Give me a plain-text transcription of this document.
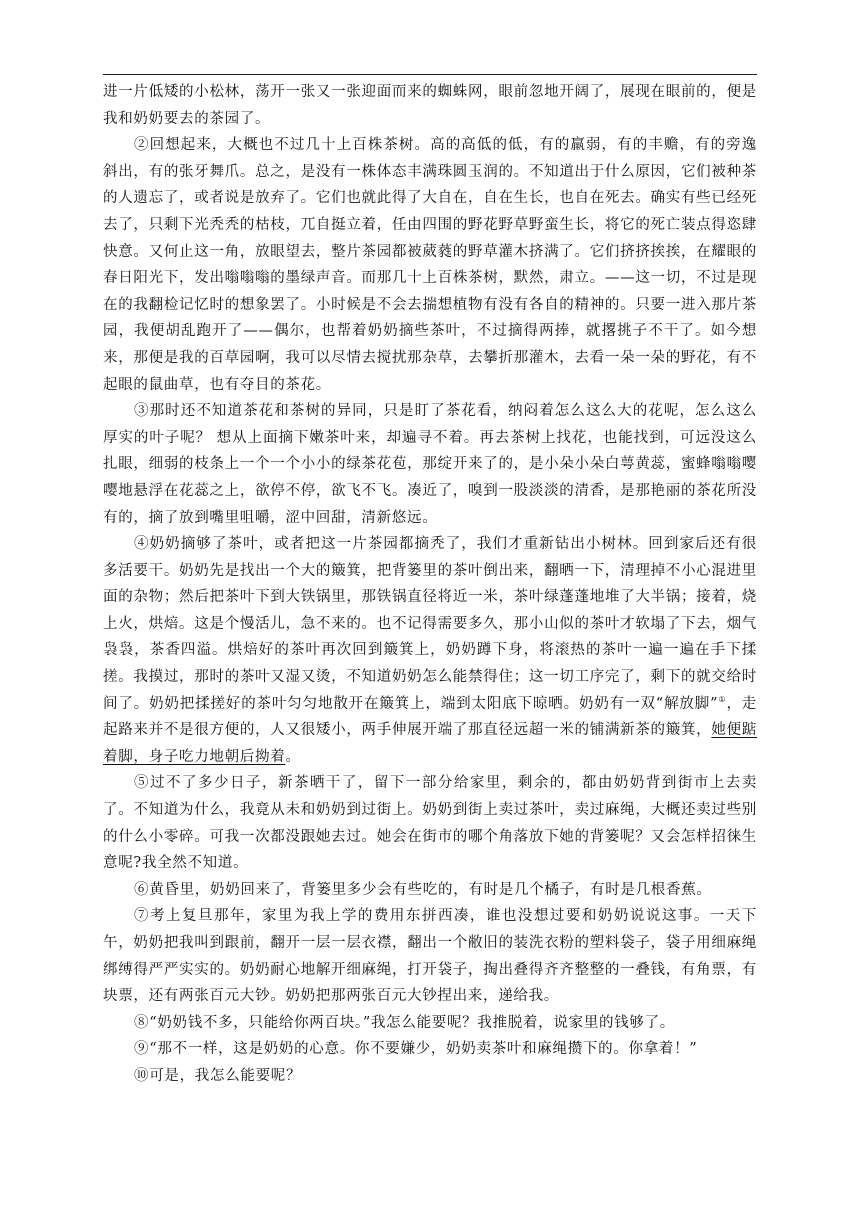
进一片低矮的小松林，荡开一张又一张迎面而来的蜘蛛网，眼前忽地开阔了，展现在眼前的，便是我和奶奶要去的茶园了。

②回想起来，大概也不过几十上百株茶树。高的高低的低，有的羸弱，有的丰赡，有的旁逸斜出，有的张牙舞爪。总之，是没有一株体态丰满珠圆玉润的。不知道出于什么原因，它们被种茶的人遗忘了，或者说是放弃了。它们也就此得了大自在，自在生长，也自在死去。确实有些已经死去了，只剩下光秃秃的枯枝，兀自挺立着，任由四围的野花野草野蛮生长，将它的死亡装点得恣肆快意。又何止这一角，放眼望去，整片茶园都被葳蕤的野草灌木挤满了。它们挤挤挨挨，在耀眼的春日阳光下，发出嗡嗡嗡的墨绿声音。而那几十上百株茶树，默然，肃立。——这一切，不过是现在的我翻检记忆时的想象罢了。小时候是不会去揣想植物有没有各自的精神的。只要一进入那片茶园，我便胡乱跑开了——偶尔，也帮着奶奶摘些茶叶，不过摘得两捧，就撂挑子不干了。如今想来，那便是我的百草园啊，我可以尽情去搅扰那杂草，去攀折那灌木，去看一朵一朵的野花，有不起眼的鼠曲草，也有夺目的茶花。

③那时还不知道茶花和茶树的异同，只是盯了茶花看，纳闷着怎么这么大的花呢，怎么这么厚实的叶子呢？ 想从上面摘下嫩茶叶来，却遍寻不着。再去茶树上找花，也能找到，可远没这么扎眼，细弱的枝条上一个一个小小的绿茶花苞，那绽开来了的，是小朵小朵白萼黄蕊，蜜蜂嗡嗡嘤嘤地悬浮在花蕊之上，欲停不停，欲飞不飞。凑近了，嗅到一股淡淡的清香，是那艳丽的茶花所没有的，摘了放到嘴里咀嚼，涩中回甜，清新悠远。

④奶奶摘够了茶叶，或者把这一片茶园都摘秃了，我们才重新钻出小树林。回到家后还有很多活要干。奶奶先是找出一个大的簸箕，把背篓里的茶叶倒出来，翻晒一下，清理掉不小心混进里面的杂物；然后把茶叶下到大铁锅里，那铁锅直径将近一米，茶叶绿蓬蓬地堆了大半锅；接着，烧上火，烘焙。这是个慢活儿，急不来的。也不记得需要多久，那小山似的茶叶才软塌了下去，烟气袅袅，茶香四溢。烘焙好的茶叶再次回到簸箕上，奶奶蹲下身，将滚热的茶叶一遍一遍在手下揉搓。我摸过，那时的茶叶又湿又烫，不知道奶奶怎么能禁得住；这一切工序完了，剩下的就交给时间了。奶奶把揉搓好的茶叶匀匀地散开在簸箕上，端到太阳底下晾晒。奶奶有一双“解放脚”①，走起路来并不是很方便的，人又很矮小，两手伸展开端了那直径远超一米的铺满新茶的簸箕，她便踮着脚，身子吃力地朝后拗着。

⑤过不了多少日子，新茶晒干了，留下一部分给家里，剩余的，都由奶奶背到街市上去卖了。不知道为什么，我竟从未和奶奶到过街上。奶奶到街上卖过茶叶，卖过麻绳，大概还卖过些别的什么小零碎。可我一次都没跟她去过。她会在街市的哪个角落放下她的背篓呢？又会怎样招徕生意呢?我全然不知道。

⑥黄昏里，奶奶回来了，背篓里多少会有些吃的，有时是几个橘子，有时是几根香蕉。

⑦考上复旦那年，家里为我上学的费用东拼西凑，谁也没想过要和奶奶说说这事。一天下午，奶奶把我叫到跟前，翻开一层一层衣襟，翻出一个敝旧的装洗衣粉的塑料袋子，袋子用细麻绳绑缚得严严实实的。奶奶耐心地解开细麻绳，打开袋子，掏出叠得齐齐整整的一叠钱，有角票，有块票，还有两张百元大钞。奶奶把那两张百元大钞捏出来，递给我。

⑧“奶奶钱不多，只能给你两百块。”我怎么能要呢？我推脱着，说家里的钱够了。

⑨“那不一样，这是奶奶的心意。你不要嫌少，奶奶卖茶叶和麻绳攒下的。你拿着！”

⑩可是，我怎么能要呢？
